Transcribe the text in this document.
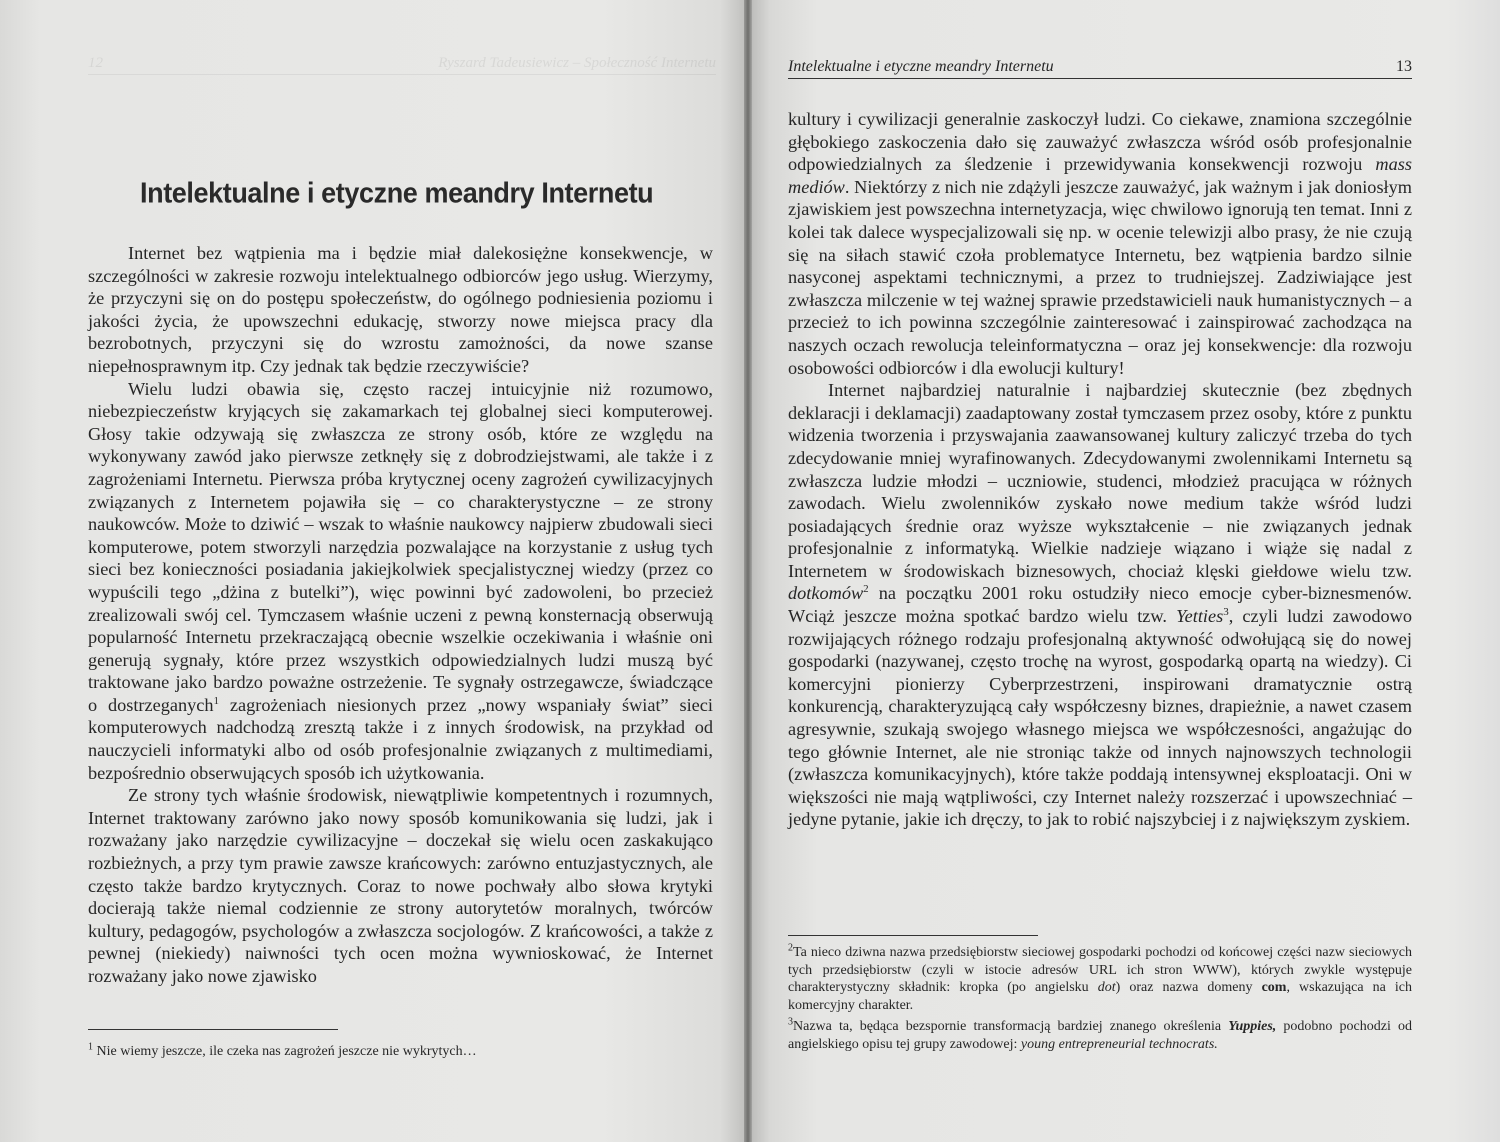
12	Ryszard Tadeusiewicz – Społeczność Internetu
Intelektualne i etyczne meandry Internetu

Internet bez wątpienia ma i będzie miał dalekosiężne konsekwencje, w szczególności w zakresie rozwoju intelektualnego odbiorców jego usług. Wierzymy, że przyczyni się on do postępu społeczeństw, do ogólnego podniesienia poziomu i jakości życia, że upowszechni edukację, stworzy nowe miejsca pracy dla bezrobotnych, przyczyni się do wzrostu zamożności, da nowe szanse niepełnosprawnym itp. Czy jednak tak będzie rzeczywiście?

Wielu ludzi obawia się, często raczej intuicyjnie niż rozumowo, niebezpieczeństw kryjących się zakamarkach tej globalnej sieci komputerowej. Głosy takie odzywają się zwłaszcza ze strony osób, które ze względu na wykonywany zawód jako pierwsze zetknęły się z dobrodziejstwami, ale także i z zagrożeniami Internetu. Pierwsza próba krytycznej oceny zagrożeń cywilizacyjnych związanych z Internetem pojawiła się – co charakterystyczne – ze strony naukowców. Może to dziwić – wszak to właśnie naukowcy najpierw zbudowali sieci komputerowe, potem stworzyli narzędzia pozwalające na korzystanie z usług tych sieci bez konieczności posiadania jakiejkolwiek specjalistycznej wiedzy (przez co wypuścili tego „dżina z butelki”), więc powinni być zadowoleni, bo przecież zrealizowali swój cel. Tymczasem właśnie uczeni z pewną konsternacją obserwują popularność Internetu przekraczającą obecnie wszelkie oczekiwania i właśnie oni generują sygnały, które przez wszystkich odpowiedzialnych ludzi muszą być traktowane jako bardzo poważne ostrzeżenie. Te sygnały ostrzegawcze, świadczące o dostrzeganych$^1$ zagrożeniach niesionych przez „nowy wspaniały świat” sieci komputerowych nadchodzą zresztą także i z innych środowisk, na przykład od nauczycieli informatyki albo od osób profesjonalnie związanych z multimediami, bezpośrednio obserwujących sposób ich użytkowania.

Ze strony tych właśnie środowisk, niewątpliwie kompetentnych i rozumnych, Internet traktowany zarówno jako nowy sposób komunikowania się ludzi, jak i rozważany jako narzędzie cywilizacyjne – doczekał się wielu ocen zaskakująco rozbieżnych, a przy tym prawie zawsze krańcowych: zarówno entuzjastycznych, ale często także bardzo krytycznych. Coraz to nowe pochwały albo słowa krytyki docierają także niemal codziennie ze strony autorytetów moralnych, twórców kultury, pedagogów, psychologów a zwłaszcza socjologów. Z krańcowości, a także z pewnej (niekiedy) naiwności tych ocen można wywnioskować, że Internet rozważany jako nowe zjawisko

$^1$ Nie wiemy jeszcze, ile czeka nas zagrożeń jeszcze nie wykrytych…
Intelektualne i etyczne meandry Internetu	13

kultury i cywilizacji generalnie zaskoczył ludzi. Co ciekawe, znamiona szczególnie głębokiego zaskoczenia dało się zauważyć zwłaszcza wśród osób profesjonalnie odpowiedzialnych za śledzenie i przewidywania konsekwencji rozwoju mass mediów. Niektórzy z nich nie zdążyli jeszcze zauważyć, jak ważnym i jak doniosłym zjawiskiem jest powszechna internetyzacja, więc chwilowo ignorują ten temat. Inni z kolei tak dalece wyspecjalizowali się np. w ocenie telewizji albo prasy, że nie czują się na siłach stawić czoła problematyce Internetu, bez wątpienia bardzo silnie nasyconej aspektami technicznymi, a przez to trudniejszej. Zadziwiające jest zwłaszcza milczenie w tej ważnej sprawie przedstawicieli nauk humanistycznych – a przecież to ich powinna szczególnie zainteresować i zainspirować zachodząca na naszych oczach rewolucja teleinformatyczna – oraz jej konsekwencje: dla rozwoju osobowości odbiorców i dla ewolucji kultury!

Internet najbardziej naturalnie i najbardziej skutecznie (bez zbędnych deklaracji i deklamacji) zaadaptowany został tymczasem przez osoby, które z punktu widzenia tworzenia i przyswajania zaawansowanej kultury zaliczyć trzeba do tych zdecydowanie mniej wyrafinowanych. Zdecydowanymi zwolennikami Internetu są zwłaszcza ludzie młodzi – uczniowie, studenci, młodzież pracująca w różnych zawodach. Wielu zwolenników zyskało nowe medium także wśród ludzi posiadających średnie oraz wyższe wykształcenie – nie związanych jednak profesjonalnie z informatyką. Wielkie nadzieje wiązano i wiąże się nadal z Internetem w środowiskach biznesowych, chociaż klęski giełdowe wielu tzw. dotkomów$^2$ na początku 2001 roku ostudziły nieco emocje cyber-biznesmenów. Wciąż jeszcze można spotkać bardzo wielu tzw. Yetties$^3$, czyli ludzi zawodowo rozwijających różnego rodzaju profesjonalną aktywność odwołującą się do nowej gospodarki (nazywanej, często trochę na wyrost, gospodarką opartą na wiedzy). Ci komercyjni pionierzy Cyberprzestrzeni, inspirowani dramatycznie ostrą konkurencją, charakteryzującą cały współczesny biznes, drapieżnie, a nawet czasem agresywnie, szukają swojego własnego miejsca we współczesności, angażując do tego głównie Internet, ale nie stroniąc także od innych najnowszych technologii (zwłaszcza komunikacyjnych), które także poddają intensywnej eksploatacji. Oni w większości nie mają wątpliwości, czy Internet należy rozszerzać i upowszechniać – jedyne pytanie, jakie ich dręczy, to jak to robić najszybciej i z największym zyskiem.

$^2$Ta nieco dziwna nazwa przedsiębiorstw sieciowej gospodarki pochodzi od końcowej części nazw sieciowych tych przedsiębiorstw (czyli w istocie adresów URL ich stron WWW), których zwykle występuje charakterystyczny składnik: kropka (po angielsku dot) oraz nazwa domeny com, wskazująca na ich komercyjny charakter.

$^3$Nazwa ta, będąca bezspornie transformacją bardziej znanego określenia Yuppies, podobno pochodzi od angielskiego opisu tej grupy zawodowej: young entrepreneurial technocrats.
